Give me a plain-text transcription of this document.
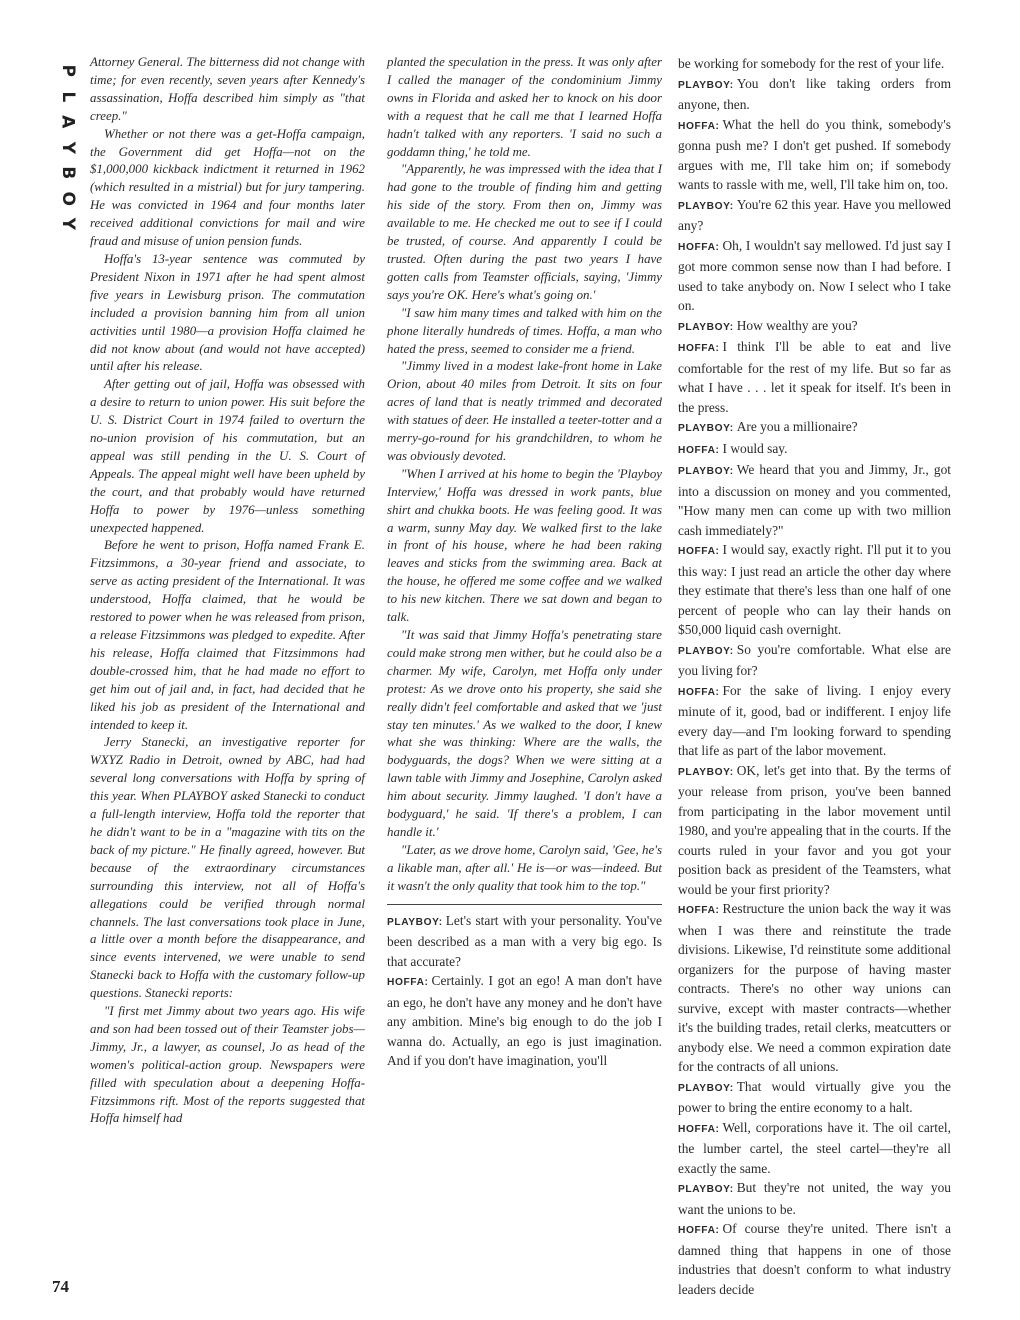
P
L
A
Y
B
O
Y

Attorney General. The bitterness did not change with time; for even recently, seven years after Kennedy's assassination, Hoffa described him simply as "that creep."

Whether or not there was a get-Hoffa campaign, the Government did get Hoffa—not on the $1,000,000 kickback indictment it returned in 1962 (which resulted in a mistrial) but for jury tampering. He was convicted in 1964 and four months later received additional convictions for mail and wire fraud and misuse of union pension funds.

Hoffa's 13-year sentence was commuted by President Nixon in 1971 after he had spent almost five years in Lewisburg prison. The commutation included a provision banning him from all union activities until 1980—a provision Hoffa claimed he did not know about (and would not have accepted) until after his release.

After getting out of jail, Hoffa was obsessed with a desire to return to union power. His suit before the U. S. District Court in 1974 failed to overturn the no-union provision of his commutation, but an appeal was still pending in the U. S. Court of Appeals. The appeal might well have been upheld by the court, and that probably would have returned Hoffa to power by 1976—unless something unexpected happened.

Before he went to prison, Hoffa named Frank E. Fitzsimmons, a 30-year friend and associate, to serve as acting president of the International. It was understood, Hoffa claimed, that he would be restored to power when he was released from prison, a release Fitzsimmons was pledged to expedite. After his release, Hoffa claimed that Fitzsimmons had double-crossed him, that he had made no effort to get him out of jail and, in fact, had decided that he liked his job as president of the International and intended to keep it.

Jerry Stanecki, an investigative reporter for WXYZ Radio in Detroit, owned by ABC, had had several long conversations with Hoffa by spring of this year. When PLAYBOY asked Stanecki to conduct a full-length interview, Hoffa told the reporter that he didn't want to be in a "magazine with tits on the back of my picture." He finally agreed, however. But because of the extraordinary circumstances surrounding this interview, not all of Hoffa's allegations could be verified through normal channels. The last conversations took place in June, a little over a month before the disappearance, and since events intervened, we were unable to send Stanecki back to Hoffa with the customary follow-up questions. Stanecki reports:

"I first met Jimmy about two years ago. His wife and son had been tossed out of their Teamster jobs—Jimmy, Jr., a lawyer, as counsel, Jo as head of the women's political-action group. Newspapers were filled with speculation about a deepening Hoffa-Fitzsimmons rift. Most of the reports suggested that Hoffa himself had

planted the speculation in the press. It was only after I called the manager of the condominium Jimmy owns in Florida and asked her to knock on his door with a request that he call me that I learned Hoffa hadn't talked with any reporters. 'I said no such a goddamn thing,' he told me.

"Apparently, he was impressed with the idea that I had gone to the trouble of finding him and getting his side of the story. From then on, Jimmy was available to me. He checked me out to see if I could be trusted, of course. And apparently I could be trusted. Often during the past two years I have gotten calls from Teamster officials, saying, 'Jimmy says you're OK. Here's what's going on.'

"I saw him many times and talked with him on the phone literally hundreds of times. Hoffa, a man who hated the press, seemed to consider me a friend.

"Jimmy lived in a modest lake-front home in Lake Orion, about 40 miles from Detroit. It sits on four acres of land that is neatly trimmed and decorated with statues of deer. He installed a teeter-totter and a merry-go-round for his grandchildren, to whom he was obviously devoted.

"When I arrived at his home to begin the 'Playboy Interview,' Hoffa was dressed in work pants, blue shirt and chukka boots. He was feeling good. It was a warm, sunny May day. We walked first to the lake in front of his house, where he had been raking leaves and sticks from the swimming area. Back at the house, he offered me some coffee and we walked to his new kitchen. There we sat down and began to talk.

"It was said that Jimmy Hoffa's penetrating stare could make strong men wither, but he could also be a charmer. My wife, Carolyn, met Hoffa only under protest: As we drove onto his property, she said she really didn't feel comfortable and asked that we 'just stay ten minutes.' As we walked to the door, I knew what she was thinking: Where are the walls, the bodyguards, the dogs? When we were sitting at a lawn table with Jimmy and Josephine, Carolyn asked him about security. Jimmy laughed. 'I don't have a bodyguard,' he said. 'If there's a problem, I can handle it.'

"Later, as we drove home, Carolyn said, 'Gee, he's a likable man, after all.' He is—or was—indeed. But it wasn't the only quality that took him to the top."

PLAYBOY: Let's start with your personality. You've been described as a man with a very big ego. Is that accurate?

HOFFA: Certainly. I got an ego! A man don't have an ego, he don't have any money and he don't have any ambition. Mine's big enough to do the job I wanna do. Actually, an ego is just imagination. And if you don't have imagination, you'll

be working for somebody for the rest of your life.

PLAYBOY: You don't like taking orders from anyone, then.

HOFFA: What the hell do you think, somebody's gonna push me? I don't get pushed. If somebody argues with me, I'll take him on; if somebody wants to rassle with me, well, I'll take him on, too.

PLAYBOY: You're 62 this year. Have you mellowed any?

HOFFA: Oh, I wouldn't say mellowed. I'd just say I got more common sense now than I had before. I used to take anybody on. Now I select who I take on.

PLAYBOY: How wealthy are you?

HOFFA: I think I'll be able to eat and live comfortable for the rest of my life. But so far as what I have . . . let it speak for itself. It's been in the press.

PLAYBOY: Are you a millionaire?

HOFFA: I would say.

PLAYBOY: We heard that you and Jimmy, Jr., got into a discussion on money and you commented, "How many men can come up with two million cash immediately?"

HOFFA: I would say, exactly right. I'll put it to you this way: I just read an article the other day where they estimate that there's less than one half of one percent of people who can lay their hands on $50,000 liquid cash overnight.

PLAYBOY: So you're comfortable. What else are you living for?

HOFFA: For the sake of living. I enjoy every minute of it, good, bad or indifferent. I enjoy life every day—and I'm looking forward to spending that life as part of the labor movement.

PLAYBOY: OK, let's get into that. By the terms of your release from prison, you've been banned from participating in the labor movement until 1980, and you're appealing that in the courts. If the courts ruled in your favor and you got your position back as president of the Teamsters, what would be your first priority?

HOFFA: Restructure the union back the way it was when I was there and reinstitute the trade divisions. Likewise, I'd reinstitute some additional organizers for the purpose of having master contracts. There's no other way unions can survive, except with master contracts—whether it's the building trades, retail clerks, meatcutters or anybody else. We need a common expiration date for the contracts of all unions.

PLAYBOY: That would virtually give you the power to bring the entire economy to a halt.

HOFFA: Well, corporations have it. The oil cartel, the lumber cartel, the steel cartel—they're all exactly the same.

PLAYBOY: But they're not united, the way you want the unions to be.

HOFFA: Of course they're united. There isn't a damned thing that happens in one of those industries that doesn't conform to what industry leaders decide

74
